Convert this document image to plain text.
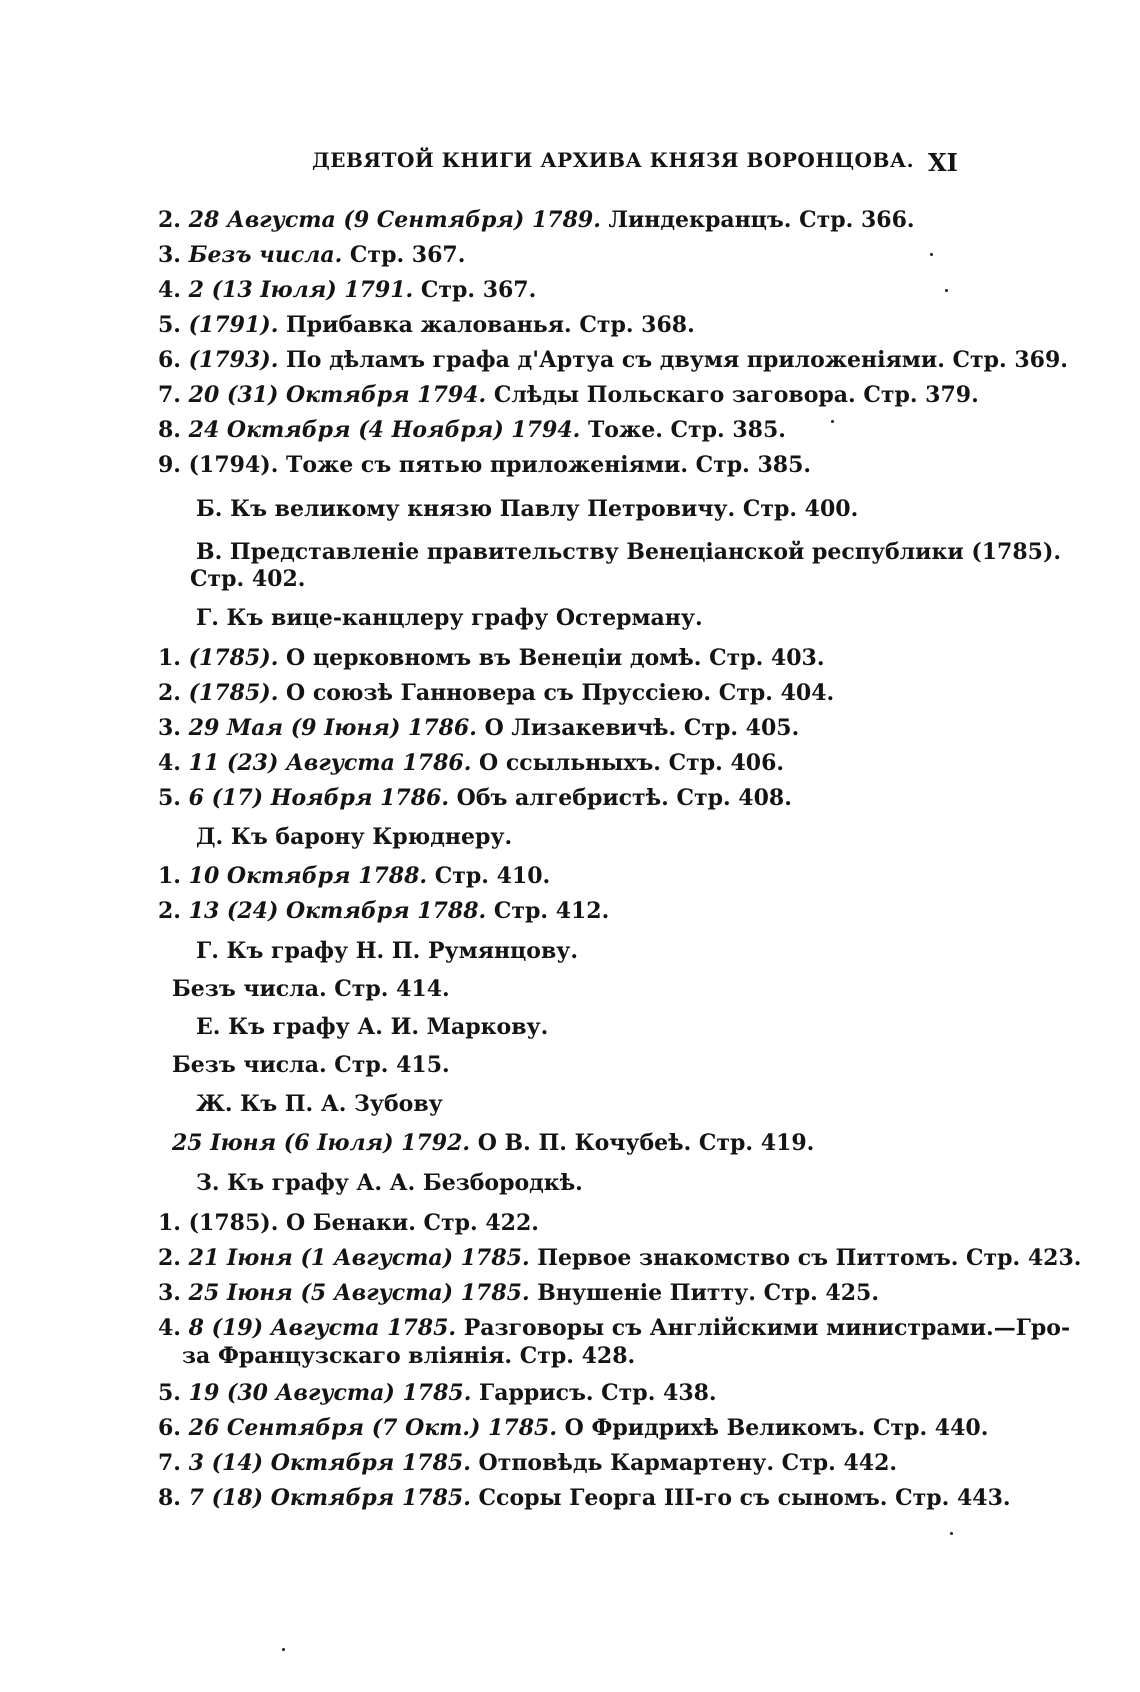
ДЕВЯТОЙ КНИГИ АРХИВА КНЯЗЯ ВОРОНЦОВА. XI
2. 28 Августа (9 Сентября) 1789. Линдекранцъ. Стр. 366.
3. Безъ числа. Стр. 367.
4. 2 (13 Іюля) 1791. Стр. 367.
5. (1791). Прибавка жалованья. Стр. 368.
6. (1793). По дѣламъ графа д'Артуа съ двумя приложеніями. Стр. 369.
7. 20 (31) Октября 1794. Слѣды Польскаго заговора. Стр. 379.
8. 24 Октября (4 Ноября) 1794. Тоже. Стр. 385.
9. (1794). Тоже съ пятью приложеніями. Стр. 385.
Б. Къ великому князю Павлу Петровичу. Стр. 400.
В. Представленіе правительству Венеціанской республики (1785).
Стр. 402.
Г. Къ вице-канцлеру графу Остерману.
1. (1785). О церковномъ въ Венеціи домѣ. Стр. 403.
2. (1785). О союзѣ Ганновера съ Пруссіею. Стр. 404.
3. 29 Мая (9 Іюня) 1786. О Лизакевичѣ. Стр. 405.
4. 11 (23) Августа 1786. О ссыльныхъ. Стр. 406.
5. 6 (17) Ноября 1786. Объ алгебристѣ. Стр. 408.
Д. Къ барону Крюднеру.
1. 10 Октября 1788. Стр. 410.
2. 13 (24) Октября 1788. Стр. 412.
Г. Къ графу Н. П. Румянцову.
Безъ числа. Стр. 414.
Е. Къ графу А. И. Маркову.
Безъ числа. Стр. 415.
Ж. Къ П. А. Зубову
25 Іюня (6 Іюля) 1792. О В. П. Кочубеѣ. Стр. 419.
З. Къ графу А. А. Безбородкѣ.
1. (1785). О Бенаки. Стр. 422.
2. 21 Іюня (1 Августа) 1785. Первое знакомство съ Питтомъ. Стр. 423.
3. 25 Іюня (5 Августа) 1785. Внушеніе Питту. Стр. 425.
4. 8 (19) Августа 1785. Разговоры съ Англійскими министрами.—Гро-
за Французскаго вліянія. Стр. 428.
5. 19 (30 Августа) 1785. Гаррисъ. Стр. 438.
6. 26 Сентября (7 Окт.) 1785. О Фридрихѣ Великомъ. Стр. 440.
7. 3 (14) Октября 1785. Отповѣдь Кармартену. Стр. 442.
8. 7 (18) Октября 1785. Ссоры Георга III-го съ сыномъ. Стр. 443.
